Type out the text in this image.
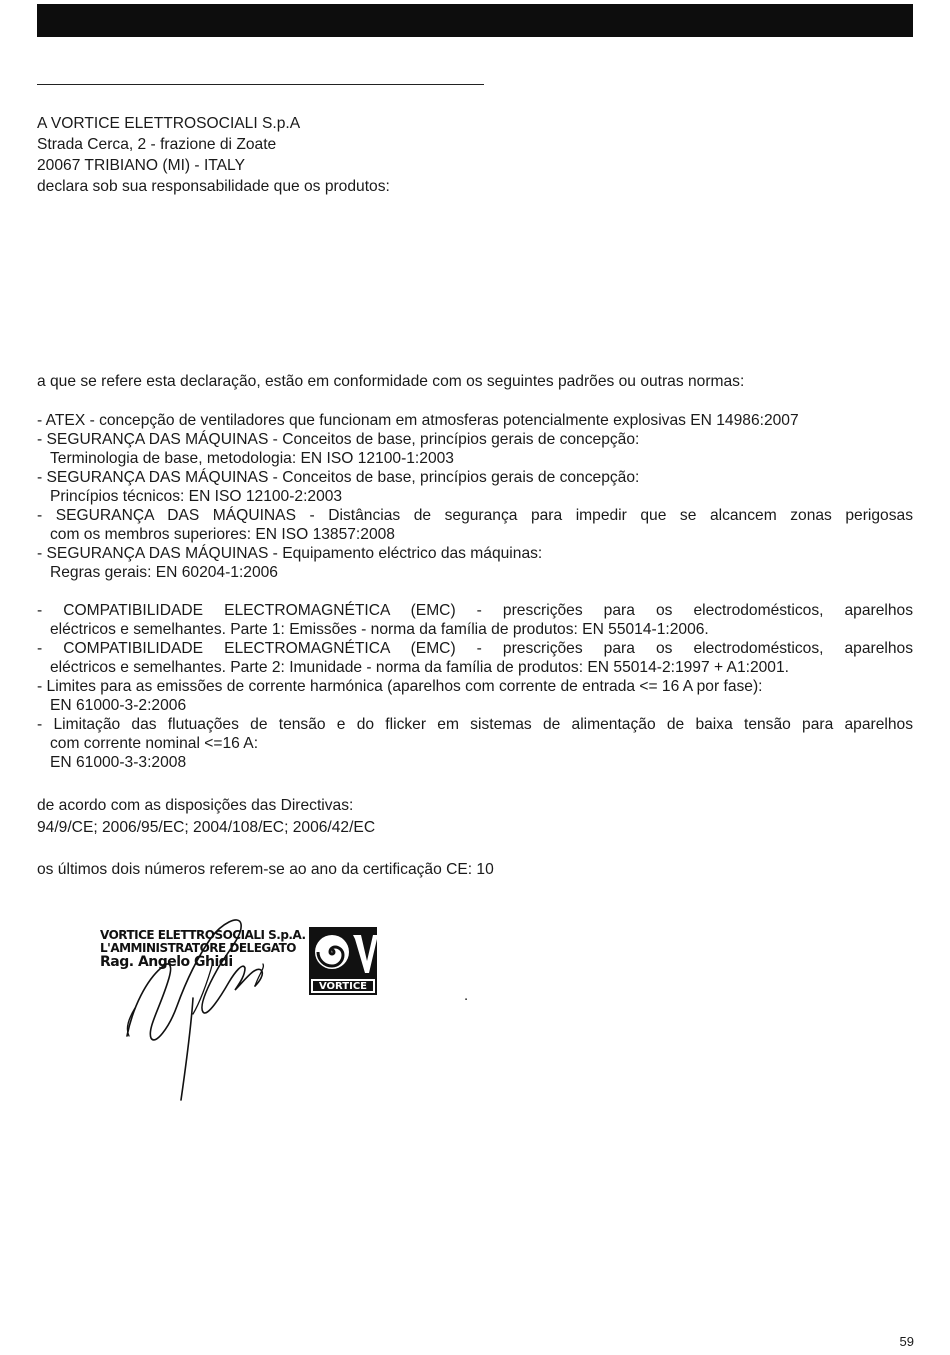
A VORTICE ELETTROSOCIALI S.p.A
Strada Cerca, 2 - frazione di Zoate
20067 TRIBIANO (MI) - ITALY
declara sob sua responsabilidade que os produtos:
a que se refere esta declaração, estão em conformidade com os seguintes padrões ou outras normas:
- ATEX - concepção de ventiladores que funcionam em atmosferas potencialmente explosivas EN 14986:2007
- SEGURANÇA DAS MÁQUINAS - Conceitos de base, princípios gerais de concepção:
Terminologia de base, metodologia: EN ISO 12100-1:2003
- SEGURANÇA DAS MÁQUINAS - Conceitos de base, princípios gerais de concepção:
Princípios técnicos: EN ISO 12100-2:2003
- SEGURANÇA DAS MÁQUINAS - Distâncias de segurança para impedir que se alcancem zonas perigosas
com os membros superiores: EN ISO 13857:2008
- SEGURANÇA DAS MÁQUINAS - Equipamento eléctrico das máquinas:
Regras gerais: EN 60204-1:2006
- COMPATIBILIDADE ELECTROMAGNÉTICA (EMC) - prescrições para os electrodomésticos, aparelhos
eléctricos e semelhantes. Parte 1: Emissões - norma da família de produtos: EN 55014-1:2006.
- COMPATIBILIDADE ELECTROMAGNÉTICA (EMC) - prescrições para os electrodomésticos, aparelhos
eléctricos e semelhantes. Parte 2: Imunidade - norma da família de produtos: EN 55014-2:1997 + A1:2001.
- Limites para as emissões de corrente harmónica (aparelhos com corrente de entrada <= 16 A por fase):
EN 61000-3-2:2006
- Limitação das flutuações de tensão e do flicker em sistemas de alimentação de baixa tensão para aparelhos
com corrente nominal <=16 A:
EN 61000-3-3:2008
de acordo com as disposições das Directivas:
94/9/CE; 2006/95/EC; 2004/108/EC; 2006/42/EC
os últimos dois números referem-se ao ano da certificação CE: 10
VORTICE ELETTROSOCIALI S.p.A.
L'AMMINISTRATORE DELEGATO
Rag. Angelo Ghidi
VORTICE
.
59
